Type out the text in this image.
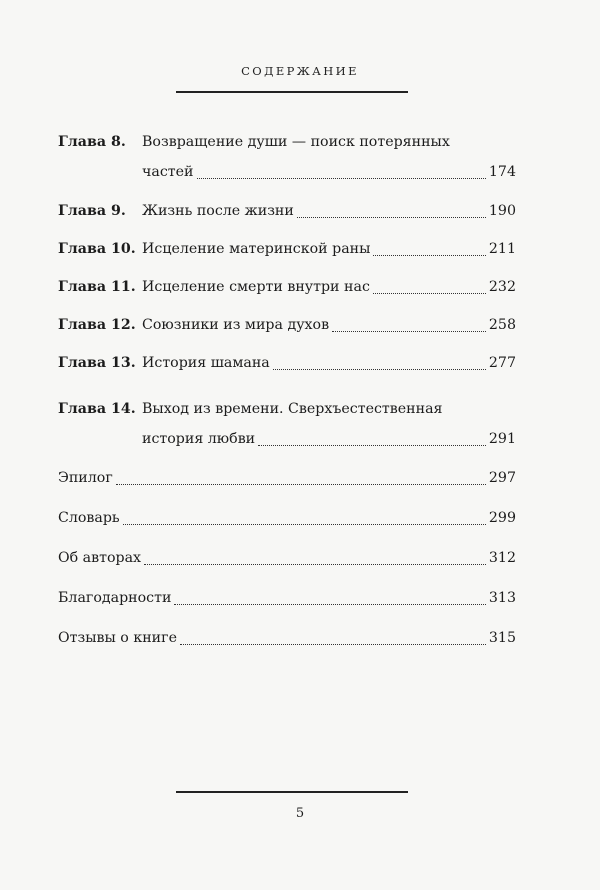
СОДЕРЖАНИЕ
Глава 8.	Возвращение души — поиск потерянных
частей	174
Глава 9.	Жизнь после жизни	190
Глава 10. Исцеление материнской раны	211
Глава 11. Исцеление смерти внутри нас	232
Глава 12. Союзники из мира духов	258
Глава 13. История шамана	277
Глава 14. Выход из времени. Сверхъестественная
история любви	291
Эпилог	297
Словарь	299
Об авторах	312
Благодарности	313
Отзывы о книге	315
5
